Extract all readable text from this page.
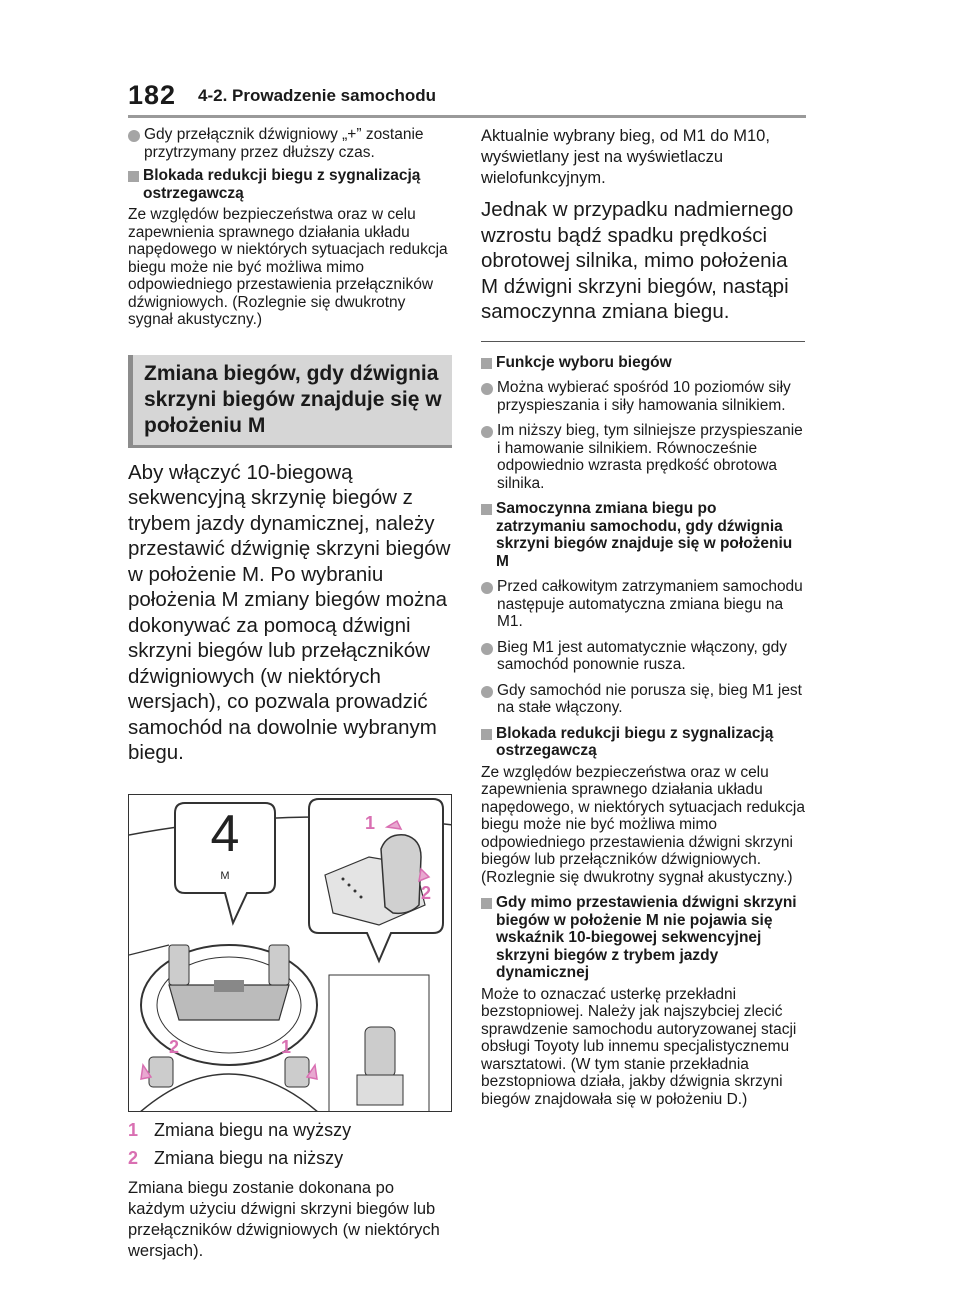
182 4-2. Prowadzenie samochodu
Gdy przełącznik dźwigniowy „+” zostanie przytrzymany przez dłuższy czas.
Blokada redukcji biegu z sygnalizacją ostrzegawczą
Ze względów bezpieczeństwa oraz w celu zapewnienia sprawnego działania układu napędowego w niektórych sytuacjach redukcja biegu może nie być możliwa mimo odpowiedniego przestawienia przełączników dźwigniowych. (Rozlegnie się dwukrotny sygnał akustyczny.)
Zmiana biegów, gdy dźwignia skrzyni biegów znajduje się w położeniu M
Aby włączyć 10-biegową sekwencyjną skrzynię biegów z trybem jazdy dynamicznej, należy przestawić dźwignię skrzyni biegów w położenie M. Po wybraniu położenia M zmiany biegów można dokonywać za pomocą dźwigni skrzyni biegów lub przełączników dźwigniowych (w niektórych wersjach), co pozwala prowadzić samochód na dowolnie wybranym biegu.
4
M
1
2
2	1
1 Zmiana biegu na wyższy
2 Zmiana biegu na niższy
Zmiana biegu zostanie dokonana po każdym użyciu dźwigni skrzyni biegów lub przełączników dźwigniowych (w niektórych wersjach).
Aktualnie wybrany bieg, od M1 do M10, wyświetlany jest na wyświetlaczu wielofunkcyjnym.
Jednak w przypadku nadmiernego wzrostu bądź spadku prędkości obrotowej silnika, mimo położenia M dźwigni skrzyni biegów, nastąpi samoczynna zmiana biegu.
Funkcje wyboru biegów
Można wybierać spośród 10 poziomów siły przyspieszania i siły hamowania silnikiem.
Im niższy bieg, tym silniejsze przyspieszanie i hamowanie silnikiem. Równocześnie odpowiednio wzrasta prędkość obrotowa silnika.
Samoczynna zmiana biegu po zatrzymaniu samochodu, gdy dźwignia skrzyni biegów znajduje się w położeniu M
Przed całkowitym zatrzymaniem samochodu następuje automatyczna zmiana biegu na M1.
Bieg M1 jest automatycznie włączony, gdy samochód ponownie rusza.
Gdy samochód nie porusza się, bieg M1 jest na stałe włączony.
Blokada redukcji biegu z sygnalizacją ostrzegawczą
Ze względów bezpieczeństwa oraz w celu zapewnienia sprawnego działania układu napędowego, w niektórych sytuacjach redukcja biegu może nie być możliwa mimo odpowiedniego przestawienia dźwigni skrzyni biegów lub przełączników dźwigniowych. (Rozlegnie się dwukrotny sygnał akustyczny.)
Gdy mimo przestawienia dźwigni skrzyni biegów w położenie M nie pojawia się wskaźnik 10-biegowej sekwencyjnej skrzyni biegów z trybem jazdy dynamicznej
Może to oznaczać usterkę przekładni bezstopniowej. Należy jak najszybciej zlecić sprawdzenie samochodu autoryzowanej stacji obsługi Toyoty lub innemu specjalistycznemu warsztatowi. (W tym stanie przekładnia bezstopniowa działa, jakby dźwignia skrzyni biegów znajdowała się w położeniu D.)
